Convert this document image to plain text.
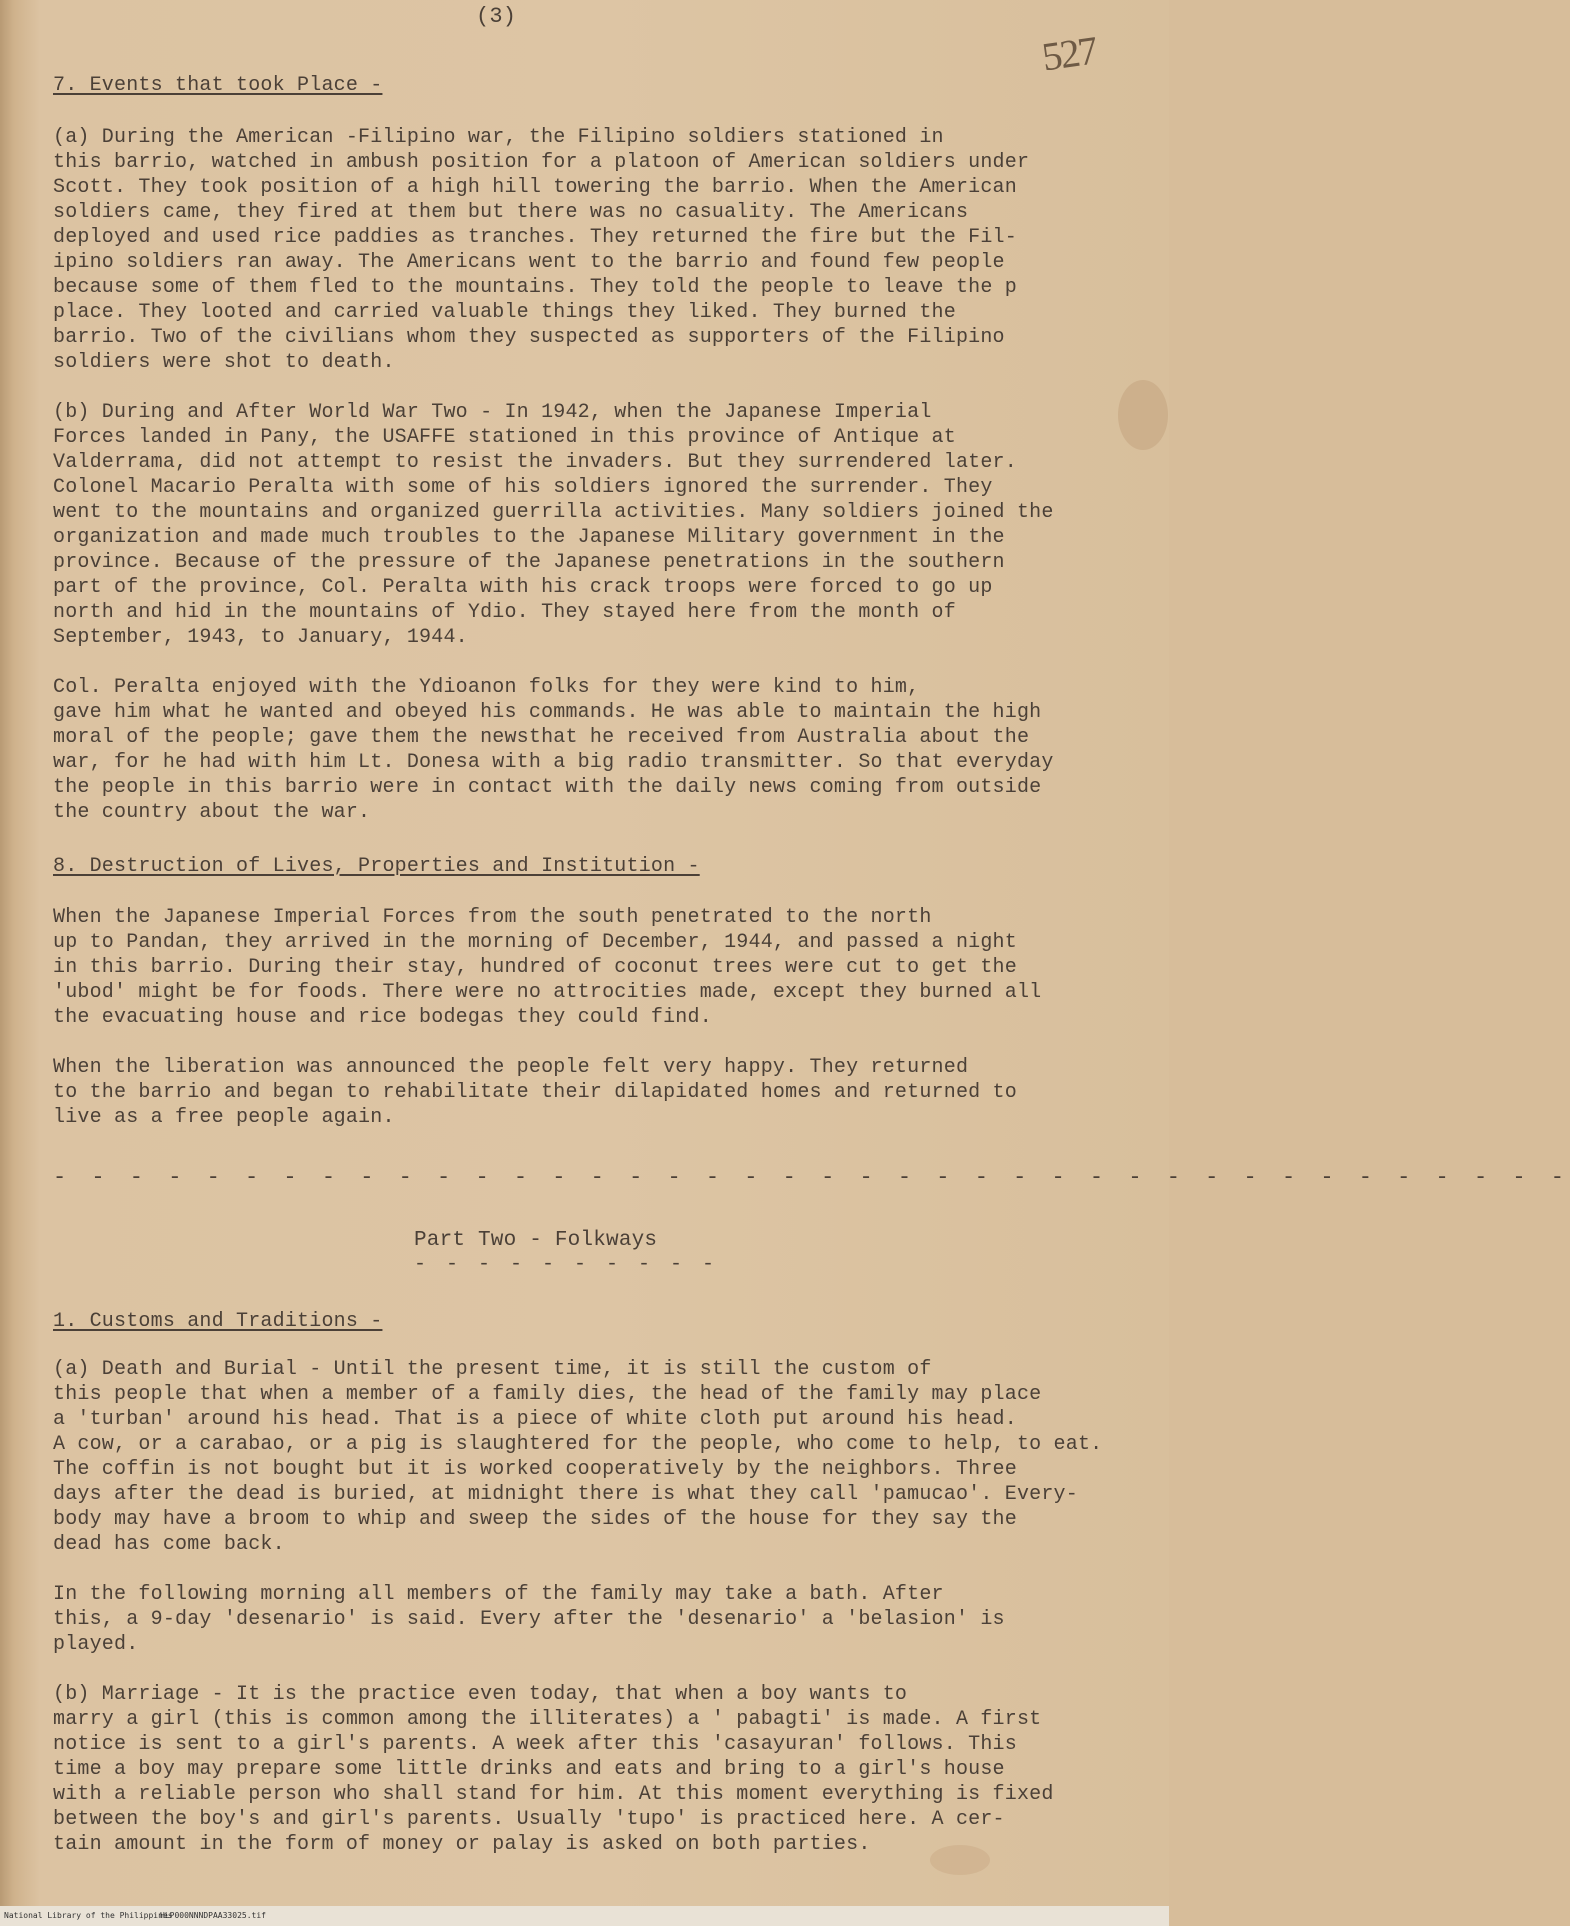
(3)
527
7. Events that took Place -
(a) During the American -Filipino war, the Filipino soldiers stationed in
this barrio, watched in ambush position for a platoon of American soldiers under
Scott. They took position of a high hill towering the barrio. When the American
soldiers came, they fired at them but there was no casuality. The Americans
deployed and used rice paddies as tranches. They returned the fire but the Fil-
ipino soldiers ran away. The Americans went to the barrio and found few people
because some of them fled to the mountains. They told the people to leave the p
place. They looted and carried valuable things they liked. They burned the
barrio. Two of the civilians whom they suspected as supporters of the Filipino
soldiers were shot to death.
(b) During and After World War Two - In 1942, when the Japanese Imperial
Forces landed in Pany, the USAFFE stationed in this province of Antique at
Valderrama, did not attempt to resist the invaders. But they surrendered later.
Colonel Macario Peralta with some of his soldiers ignored the surrender. They
went to the mountains and organized guerrilla activities. Many soldiers joined the
organization and made much troubles to the Japanese Military government in the
province. Because of the pressure of the Japanese penetrations in the southern
part of the province, Col. Peralta with his crack troops were forced to go up
north and hid in the mountains of Ydio. They stayed here from the month of
September, 1943, to January, 1944.
Col. Peralta enjoyed with the Ydioanon folks for they were kind to him,
gave him what he wanted and obeyed his commands. He was able to maintain the high
moral of the people; gave them the newsthat he received from Australia about the
war, for he had with him Lt. Donesa with a big radio transmitter. So that everyday
the people in this barrio were in contact with the daily news coming from outside
the country about the war.
8. Destruction of Lives, Properties and Institution -
When the Japanese Imperial Forces from the south penetrated to the north
up to Pandan, they arrived in the morning of December, 1944, and passed a night
in this barrio. During their stay, hundred of coconut trees were cut to get the
'ubod' might be for foods. There were no attrocities made, except they burned all
the evacuating house and rice bodegas they could find.
When the liberation was announced the people felt very happy. They returned
to the barrio and began to rehabilitate their dilapidated homes and returned to
live as a free people again.
- - - - - - - - - - - - - - - - - - - - - - - - - - - - - - - - - - - - - - - -
Part Two - Folkways
- - - - - - - - - -
1. Customs and Traditions -
(a) Death and Burial - Until the present time, it is still the custom of
this people that when a member of a family dies, the head of the family may place
a 'turban' around his head. That is a piece of white cloth put around his head.
A cow, or a carabao, or a pig is slaughtered for the people, who come to help, to eat.
The coffin is not bought but it is worked cooperatively by the neighbors. Three
days after the dead is buried, at midnight there is what they call 'pamucao'. Every-
body may have a broom to whip and sweep the sides of the house for they say the
dead has come back.
In the following morning all members of the family may take a bath. After
this, a 9-day 'desenario' is said. Every after the 'desenario' a 'belasion' is
played.
(b) Marriage - It is the practice even today, that when a boy wants to
marry a girl (this is common among the illiterates) a ' pabagti' is made. A first
notice is sent to a girl's parents. A week after this 'casayuran' follows. This
time a boy may prepare some little drinks and eats and bring to a girl's house
with a reliable person who shall stand for him. At this moment everything is fixed
between the boy's and girl's parents. Usually 'tupo' is practiced here. A cer-
tain amount in the form of money or palay is asked on both parties.
National Library of the Philippines
HLP000NNNDPAA33025.tif
